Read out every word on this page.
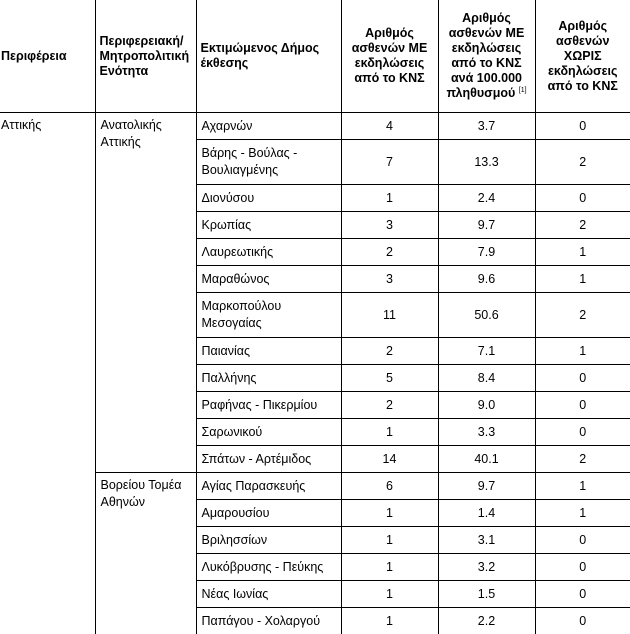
Περιφέρεια	Περιφερειακή/ Μητροπολιτική Ενότητα	Εκτιμώμενος Δήμος έκθεσης	Αριθμός ασθενών ΜΕ εκδηλώσεις από το ΚΝΣ	Αριθμός ασθενών ΜΕ εκδηλώσεις από το ΚΝΣ ανά 100.000 πληθυσμού [1]	Αριθμός ασθενών ΧΩΡΙΣ εκδηλώσεις από το ΚΝΣ
Αττικής	Ανατολικής Αττικής	Αχαρνών	4	3.7	0
		Βάρης - Βούλας - Βουλιαγμένης	7	13.3	2
		Διονύσου	1	2.4	0
		Κρωπίας	3	9.7	2
		Λαυρεωτικής	2	7.9	1
		Μαραθώνος	3	9.6	1
		Μαρκοπούλου Μεσογαίας	11	50.6	2
		Παιανίας	2	7.1	1
		Παλλήνης	5	8.4	0
		Ραφήνας - Πικερμίου	2	9.0	0
		Σαρωνικού	1	3.3	0
		Σπάτων - Αρτέμιδος	14	40.1	2
	Βορείου Τομέα Αθηνών	Αγίας Παρασκευής	6	9.7	1
		Αμαρουσίου	1	1.4	1
		Βριλησσίων	1	3.1	0
		Λυκόβρυσης - Πεύκης	1	3.2	0
		Νέας Ιωνίας	1	1.5	0
		Παπάγου - Χολαργού	1	2.2	0
